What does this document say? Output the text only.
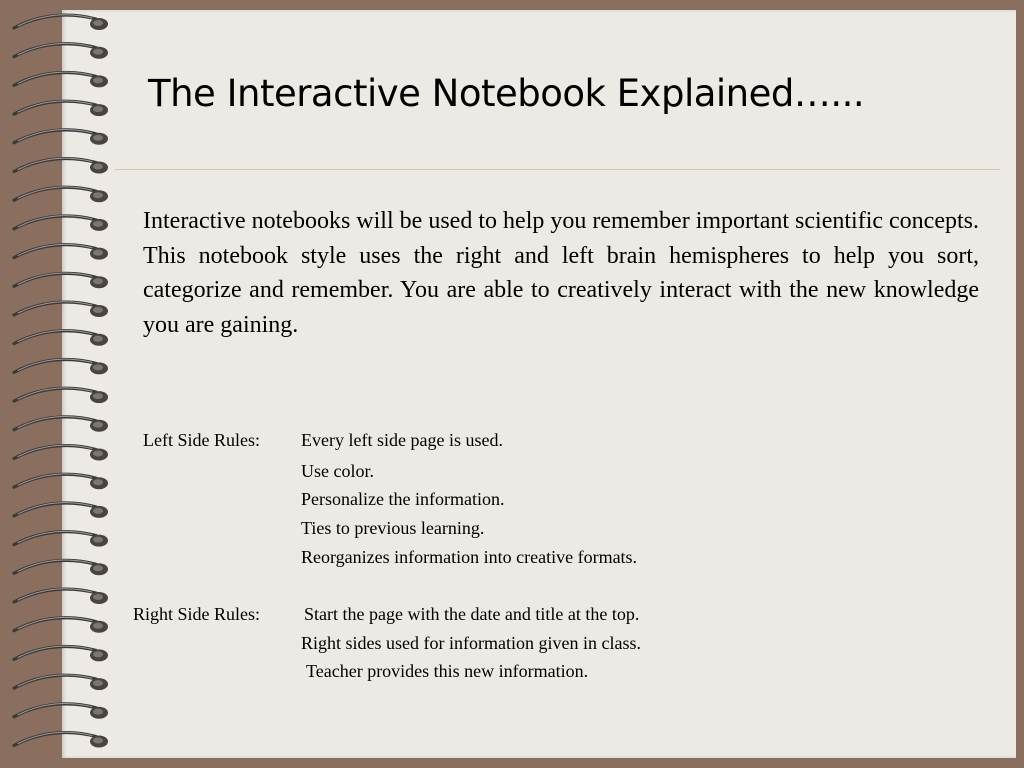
The Interactive Notebook Explained…...

Interactive notebooks will be used to help you remember important scientific concepts. This notebook style uses the right and left brain hemispheres to help you sort, categorize and remember. You are able to creatively interact with the new knowledge you are gaining.

Left Side Rules: Every left side page is used.

Use color.

Personalize the information.

Ties to previous learning.

Reorganizes information into creative formats.

Right Side Rules: Start the page with the date and title at the top.

Right sides used for information given in class.

Teacher provides this new information.
